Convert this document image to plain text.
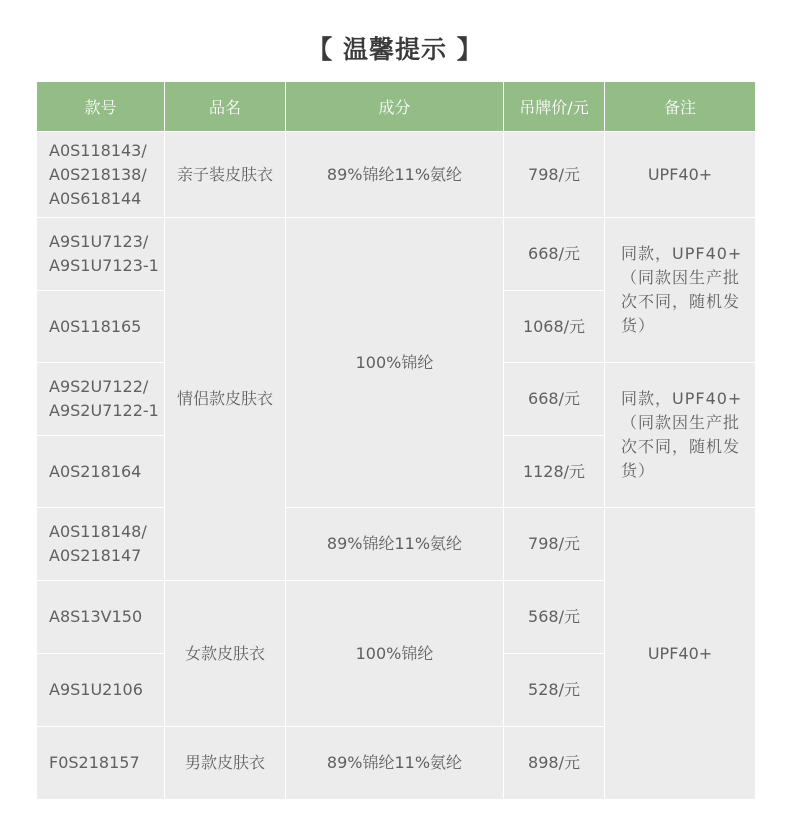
【 温馨提示 】
款号	品名	成分	吊牌价/元	备注
A0S118143/
A0S218138/
A0S618144	亲子装皮肤衣	89%锦纶11%氨纶	798/元	UPF40+
A9S1U7123/
A9S1U7123-1	情侣款皮肤衣	100%锦纶	668/元	同款，UPF40+（同款因生产批次不同，随机发货）
A0S118165			1068/元	
A9S2U7122/
A9S2U7122-1			668/元	同款，UPF40+（同款因生产批次不同，随机发货）
A0S218164			1128/元	
A0S118148/
A0S218147		89%锦纶11%氨纶	798/元	UPF40+
A8S13V150	女款皮肤衣	100%锦纶	568/元	
A9S1U2106			528/元	
F0S218157	男款皮肤衣	89%锦纶11%氨纶	898/元	
